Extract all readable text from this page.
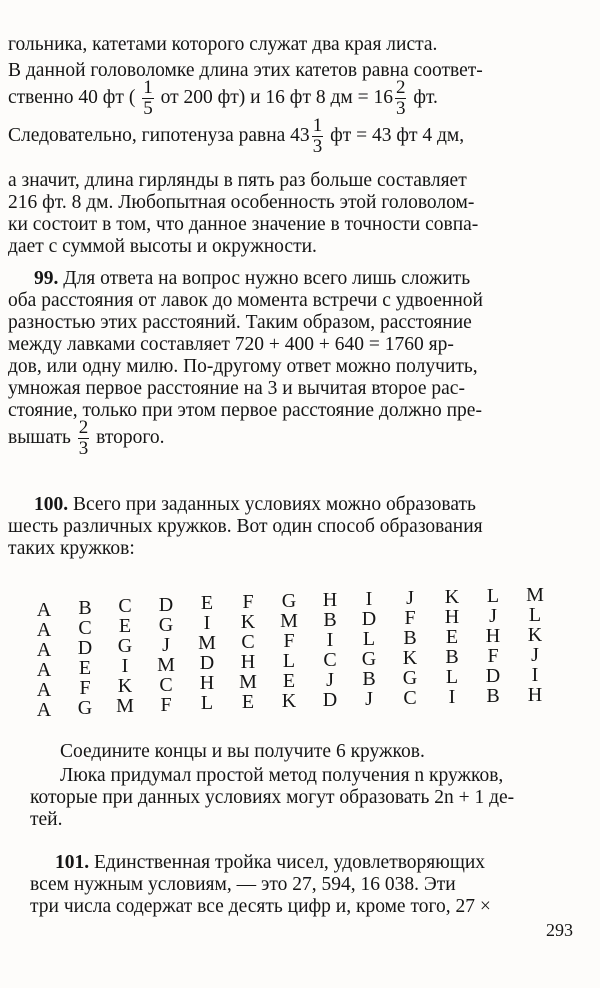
гольника, катетами которого служат два края листа.
В данной головоломке длина этих катетов равна соответ-
ственно 40 фт ( $\frac{1}{5}$ от 200 фт) и 16 фт 8 дм = $16 \frac{2}{3}$ фт.
Следовательно, гипотенуза равна $43 \frac{1}{3}$ фт = 43 фт 4 дм,
а значит, длина гирлянды в пять раз больше составляет
216 фт. 8 дм. Любопытная особенность этой головолом-
ки состоит в том, что данное значение в точности совпа-
дает с суммой высоты и окружности.
99. Для ответа на вопрос нужно всего лишь сложить
оба расстояния от лавок до момента встречи с удвоенной
разностью этих расстояний. Таким образом, расстояние
между лавками составляет 720 + 400 + 640 = 1760 яр-
дов, или одну милю. По-другому ответ можно получить,
умножая первое расстояние на 3 и вычитая второе рас-
стояние, только при этом первое расстояние должно пре-
вышать $\frac{2}{3}$ второго.
100. Всего при заданных условиях можно образовать
шесть различных кружков. Вот один способ образования
таких кружков:
A
A
A
A
A
A
B
C
D
E
F
G
C
E
G
I
K
M
D
G
J
M
C
F
E
I
M
D
H
L
F
K
C
H
M
E
G
M
F
L
E
K
H
B
I
C
J
D
I
D
L
G
B
J
J
F
B
K
G
C
K
H
E
B
L
I
L
J
H
F
D
B
M
L
K
J
I
H
Соедините концы и вы получите 6 кружков.
Люка придумал простой метод получения n кружков,
которые при данных условиях могут образовать 2n + 1 де-
тей.
101. Единственная тройка чисел, удовлетворяющих
всем нужным условиям, — это 27, 594, 16 038. Эти
три числа содержат все десять цифр и, кроме того, 27 ×
293
